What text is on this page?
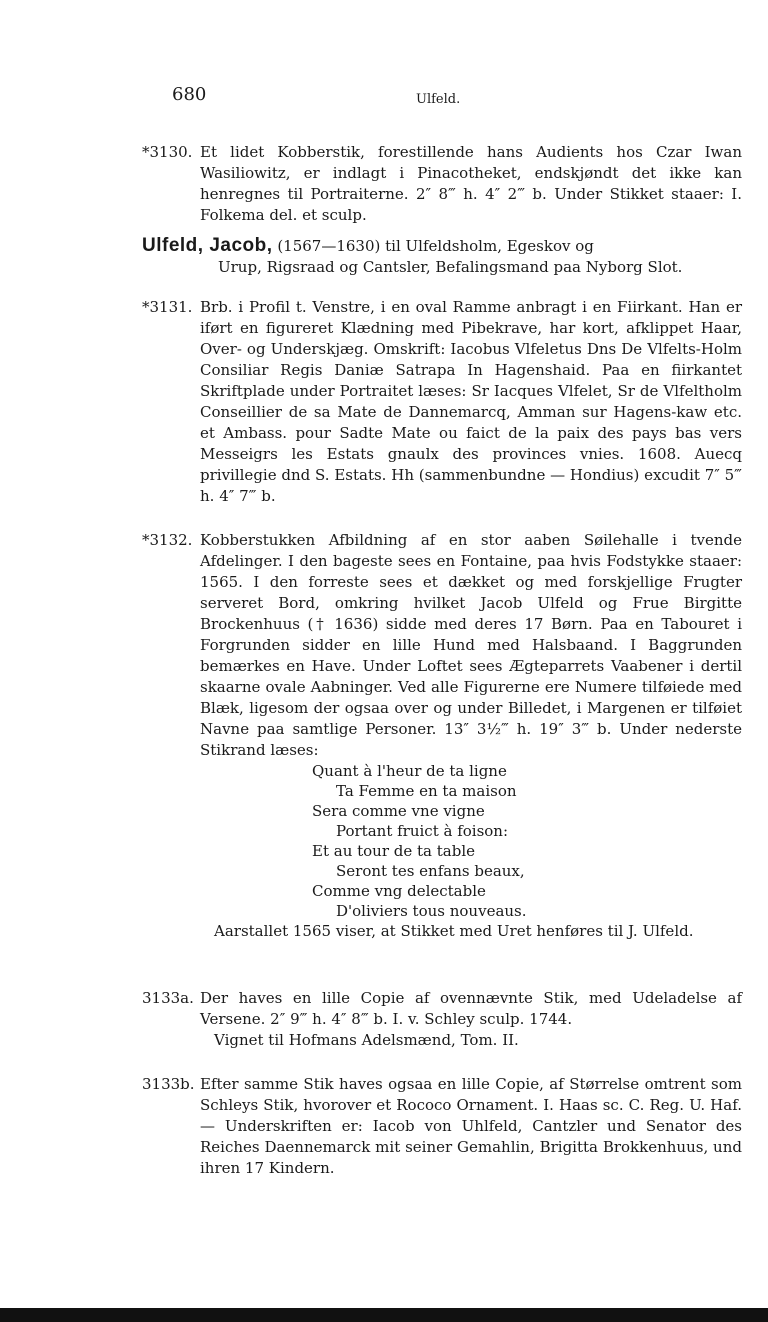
680	Ulfeld.
*3130. Et lidet Kobberstik, forestillende hans Audients hos Czar Iwan Wasiliowitz, er indlagt i Pinacotheket, endskjøndt det ikke kan henregnes til Portraiterne. 2″ 8‴ h. 4″ 2‴ b. Under Stikket staaer: I. Folkema del. et sculp.
Ulfeld, Jacob, (1567—1630) til Ulfeldsholm, Egeskov og
Urup, Rigsraad og Cantsler, Befalingsmand paa Nyborg Slot.
*3131. Brb. i Profil t. Venstre, i en oval Ramme anbragt i en Fiirkant. Han er iført en figureret Klædning med Pibekrave, har kort, afklippet Haar, Over- og Underskjæg. Omskrift: Iacobus Vlfeletus Dns De Vlfelts-Holm Consiliar Regis Daniæ Satrapa In Hagenshaid. Paa en fiirkantet Skriftplade under Portraitet læses: Sr Iacques Vlfelet, Sr de Vlfeltholm Conseillier de sa Mate de Dannemarcq, Amman sur Hagens-kaw etc. et Ambass. pour Sadte Mate ou faict de la paix des pays bas vers Messeigrs les Estats gnaulx des provinces vnies. 1608. Auecq privillegie dnd S. Estats. Hh (sammenbundne — Hondius) excudit 7″ 5‴ h. 4″ 7‴ b.
*3132. Kobberstukken Afbildning af en stor aaben Søilehalle i tvende Afdelinger. I den bageste sees en Fontaine, paa hvis Fodstykke staaer: 1565. I den forreste sees et dækket og med forskjellige Frugter serveret Bord, omkring hvilket Jacob Ulfeld og Frue Birgitte Brockenhuus († 1636) sidde med deres 17 Børn. Paa en Tabouret i Forgrunden sidder en lille Hund med Halsbaand. I Baggrunden bemærkes en Have. Under Loftet sees Ægteparrets Vaabener i dertil skaarne ovale Aabninger. Ved alle Figurerne ere Numere tilføiede med Blæk, ligesom der ogsaa over og under Billedet, i Margenen er tilføiet Navne paa samtlige Personer. 13″ 3½‴ h. 19″ 3‴ b. Under nederste Stikrand læses:
Quant à l'heur de ta ligne
Ta Femme en ta maison
Sera comme vne vigne
Portant fruict à foison:
Et au tour de ta table
Seront tes enfans beaux,
Comme vng delectable
D'oliviers tous nouveaus.
Aarstallet 1565 viser, at Stikket med Uret henføres til J. Ulfeld.
3133a. Der haves en lille Copie af ovennævnte Stik, med Udeladelse af Versene. 2″ 9‴ h. 4″ 8‴ b. I. v. Schley sculp. 1744.
Vignet til Hofmans Adelsmænd, Tom. II.
3133b. Efter samme Stik haves ogsaa en lille Copie, af Størrelse omtrent som Schleys Stik, hvorover et Rococo Ornament. I. Haas sc. C. Reg. U. Haf. — Underskriften er: Iacob von Uhlfeld, Cantzler und Senator des Reiches Daennemarck mit seiner Gemahlin, Brigitta Brokkenhuus, und ihren 17 Kindern.
